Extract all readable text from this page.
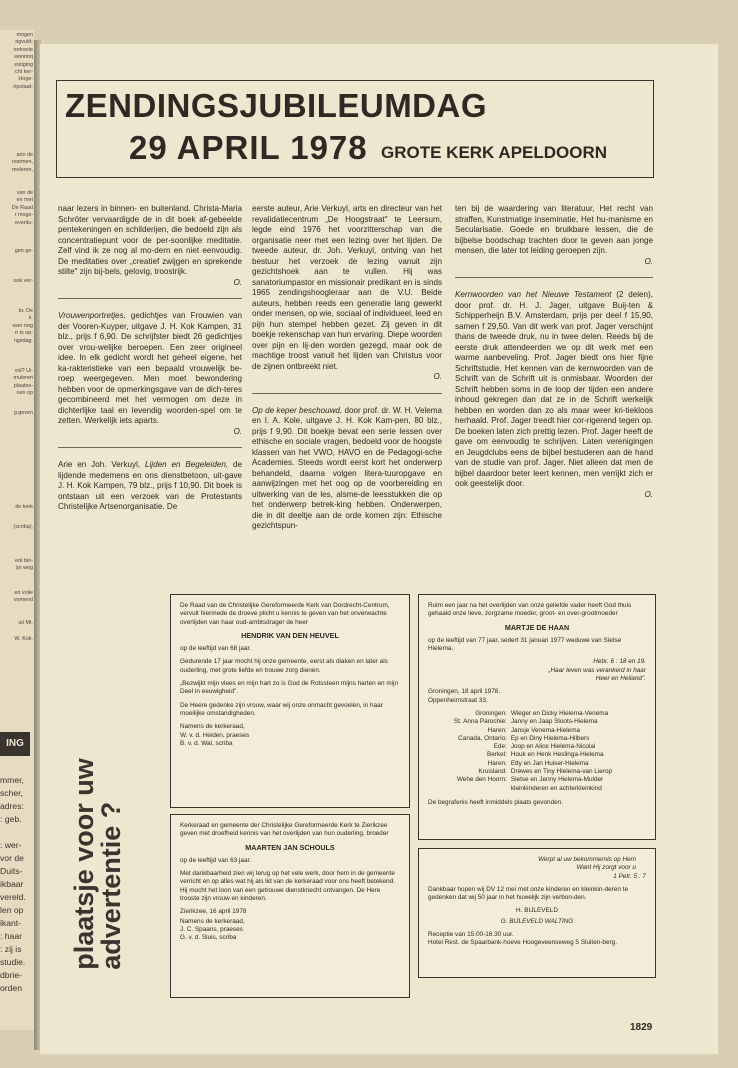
mogen
rigvuld-
ontracte
wonnnq
estiging
cht ker-
Hoge-
riputaat-
arin de
noemen,
moleren,
van de
en met
De Raad
r mogs-
eventu-
gen ge-
ook ver-
br. De
k.
sser nog
rr is op-
ngsdag.
vol? Ui-
muleren
plaatse-
nen op
g geven
de kerk
(scriba),
erk bin-
ijn weg
en volle
vomend
uit Mt.
W. Kok.
ING
mmer,
scher,
adres:
: geb.

: wer-
vor de
Duits-
ikbaar
vereld.
len op
ikant-
: haar
: zij is
studie.
dbrie-
orden
ZENDINGSJUBILEUMDAG
29 APRIL 1978 GROTE KERK APELDOORN

naar lezers in binnen- en buitenland. Christa-Maria Schröter vervaardigde de in dit boek af-gebeelde pentekeningen en schilderijen, die bedoeld zijn als concentratiepunt voor de per-soonlijke meditatie. Zelf vind ik ze nog al mo-dern en niet eenvoudig. De meditaties over „creatief zwijgen en sprekende stilte" zijn bij-bels, gelovig, troostrijk.

O.

Vrouwenportretjes, gedichtjes van Frouwien van der Vooren-Kuyper, uitgave J. H. Kok Kampen, 31 blz., prijs f 6,90. De schrijfster biedt 26 gedichtjes over vrou-welijke beroepen. Een zeer origineel idee. In elk gedicht wordt het geheel eigene, het ka-rakteristieke van een bepaald vrouwelijk be-roep weergegeven. Men moet bewondering hebben voor de opmerkingsgave van de dich-teres gecombineerd met het vermogen om deze in dichterlijke taal en levendig woorden-spel om te zetten. Werkelijk iets aparts.

O.

Arie en Joh. Verkuyl, Lijden en Begeleiden, de lijdende medemens en ons dienstbetoon, uit-gave J. H. Kok Kampen, 79 blz., prijs f 10,90. Dit boek is ontstaan uit een verzoek van de Protestants Christelijke Artsenorganisatie. De

eerste auteur, Arie Verkuyl, arts en directeur van het revalidatiecentrum „De Hoogstraat" te Leersum, legde eind 1976 het voorzitterschap van die organisatie neer met een lezing over het lijden. De tweede auteur, dr. Joh. Verkuyl, ontving van het bestuur het verzoek de lezing vanuit zijn gezichtshoek aan te vullen. Hij was sanatoriumpastor en missionair predikant en is sinds 1965 zendingshoogleraar aan de V.U. Beide auteurs, hebben reeds een generatie lang gewerkt onder mensen, op wie, sociaal of individueel, leed en pijn hun stempel hebben gezet. Zij geven in dit boekje rekenschap van hun ervaring. Diepe woorden over pijn en lij-den worden gezegd, maar ook de machtige troost vanuit het lijden van Christus voor de zijnen ontbreekt niet.

O.

Op de keper beschouwd, door prof. dr. W. H. Velema en I. A. Kole, uitgave J. H. Kok Kam-pen, 80 blz., prijs f 9,90. Dit boekje bevat een serie lessen over ethische en sociale vragen, bedoeld voor de hoogste klassen van het VWO, HAVO en de Pedagogi-sche Academies. Steeds wordt eerst kort het onderwerp behandeld, daarna volgen litera-tuuropgave en aanwijzingen met het oog op de voorbereiding en uitwerking van de les, alsme-de leesstukken die op het onderwerp betrek-king hebben. Onderwerpen, die in dit deeltje aan de orde komen zijn: Ethische gezichtspun-

ten bij de waardering van literatuur, Het recht van straffen, Kunstmatige inseminatie, Het hu-manisme en Secularisatie. Goede en bruikbare lessen, die de bijbelse boodschap trachten door te geven aan jonge mensen, die later tot leiding geroepen zijn.

O.

Kernwoorden van het Nieuwe Testament (2 delen), door prof. dr. H. J. Jager, uitgave Buij-ten & Schipperheijn B.V. Amsterdam, prijs per deel f 15,90, samen f 29,50. Van dit werk van prof. Jager verschijnt thans de tweede druk, nu in twee delen. Reeds bij de eerste druk attendeerden we op dit werk met een warme aanbeveling. Prof. Jager biedt ons hier fijne Schriftstudie. Het kennen van de kernwoorden van de Schrift van de Schrift uit is onmisbaar. Woorden der Schrift hebben soms in de loop der tijden een andere inhoud gekregen dan dat ze in de Schrift werkelijk hebben en worden dan zo als maar weer kri-tiekloos herhaald. Prof. Jager treedt hier cor-rigerend tegen op. De boeken laten zich prettig lezen. Prof. Jager heeft de gave om eenvoudig te schrijven. Laten verenigingen en Jeugdclubs eens de bijbel bestuderen aan de hand van de studie van prof. Jager. Niet alleen dat men de bijbel daardoor beter leert kennen, men verrijkt zich er ook geestelijk door.

O.

plaatsje voor uw
advertentie ?

De Raad van de Christelijke Gereformeerde Kerk van Dordrecht-Centrum, vervult hiermede de droeve plicht u kennis te geven van het onverwachte overlijden van haar oud-ambtsdrager de heer

HENDRIK VAN DEN HEUVEL

op de leeftijd van 68 jaar.

Gedurende 17 jaar mocht hij onze gemeente, eerst als diaken en later als ouderling, met grote liefde en trouwe zorg dienen.

„Bezwijkt mijn vlees en mijn hart zo is God de Rotssteen mijns harten en mijn Deel in eeuwigheid".

De Heere gedenke zijn vrouw, waar wij onze onmacht gevoelen, in haar moeilijke omstandigheden.

Namens de kerkeraad,
W. v. d. Heiden, praeses
B. v. d. Wal, scriba

Ruim een jaar na het overlijden van onze geliefde vader heeft God thuis gehaald onze lieve, zorgzame moeder, groot- en over-grootmoeder

MARTJE DE HAAN

op de leeftijd van 77 jaar, sedert 31 januari 1977 weduwe van Sietse Hielema.

Hebr. 6 : 18 en 19.

„Haar leven was verankerd in haar Heer en Heiland".

Groningen, 18 april 1978.

Oppenheimstraat 33.

Groningen:	Wieger en Dicky Hielema-Venema
St. Anna Parochie:	Janny en Jaap Sloots-Hielema
Haren:	Jansje Venema-Hielema
Canada, Ontario:	Ep en Diny Hielema-Hilbers
Ede:	Joop en Alice Hielema-Nicolai
Berkel:	Houk en Henk Heslinga-Hielema
Haren:	Etty en Jan Huiser-Hielema
Kruisland:	Drewes en Tiny Hielema-van Lierop
Wehe den Hoorn:	Sietse en Jenny Hielema-Mulder
	kleinkinderen en achterkleinkind

De begrafenis heeft inmiddels plaats gevonden.

Kerkeraad en gemeente der Christelijke Gereformeerde Kerk te Zierikzee geven met droefheid kennis van het overlijden van hun ouderling, broeder

MAARTEN JAN SCHOULS

op de leeftijd van 63 jaar.

Met dankbaarheid zien wij terug op het vele werk, door hem in de gemeente verricht en op alles wat hij als lid van de kerkeraad voor ons heeft betekend.

Hij mocht het loon van een getrouwe dienstknecht ontvangen. De Here trooste zijn vrouw en kinderen.

Zierikzee, 16 april 1978

Namens de kerkeraad,
J. C. Spaans, praeses
G. v. d. Sluis, scriba

Werpt al uw bekommernis op Hem
Want Hij zorgt voor u

1 Petr. 5 : 7

Dankbaar hopen wij DV 12 mei met onze kinderen en kleinkin-deren te gedenken dat wij 50 jaar in het huwelijk zijn verbon-den.

H. BIJLEVELD

G. BIJLEVELD WALTING

Receptie van 15.00-16.30 uur.

Hotel Rest. de Spaarbank-hoeve Hoogeveenseweg 5 Sluiten-berg.

1829
